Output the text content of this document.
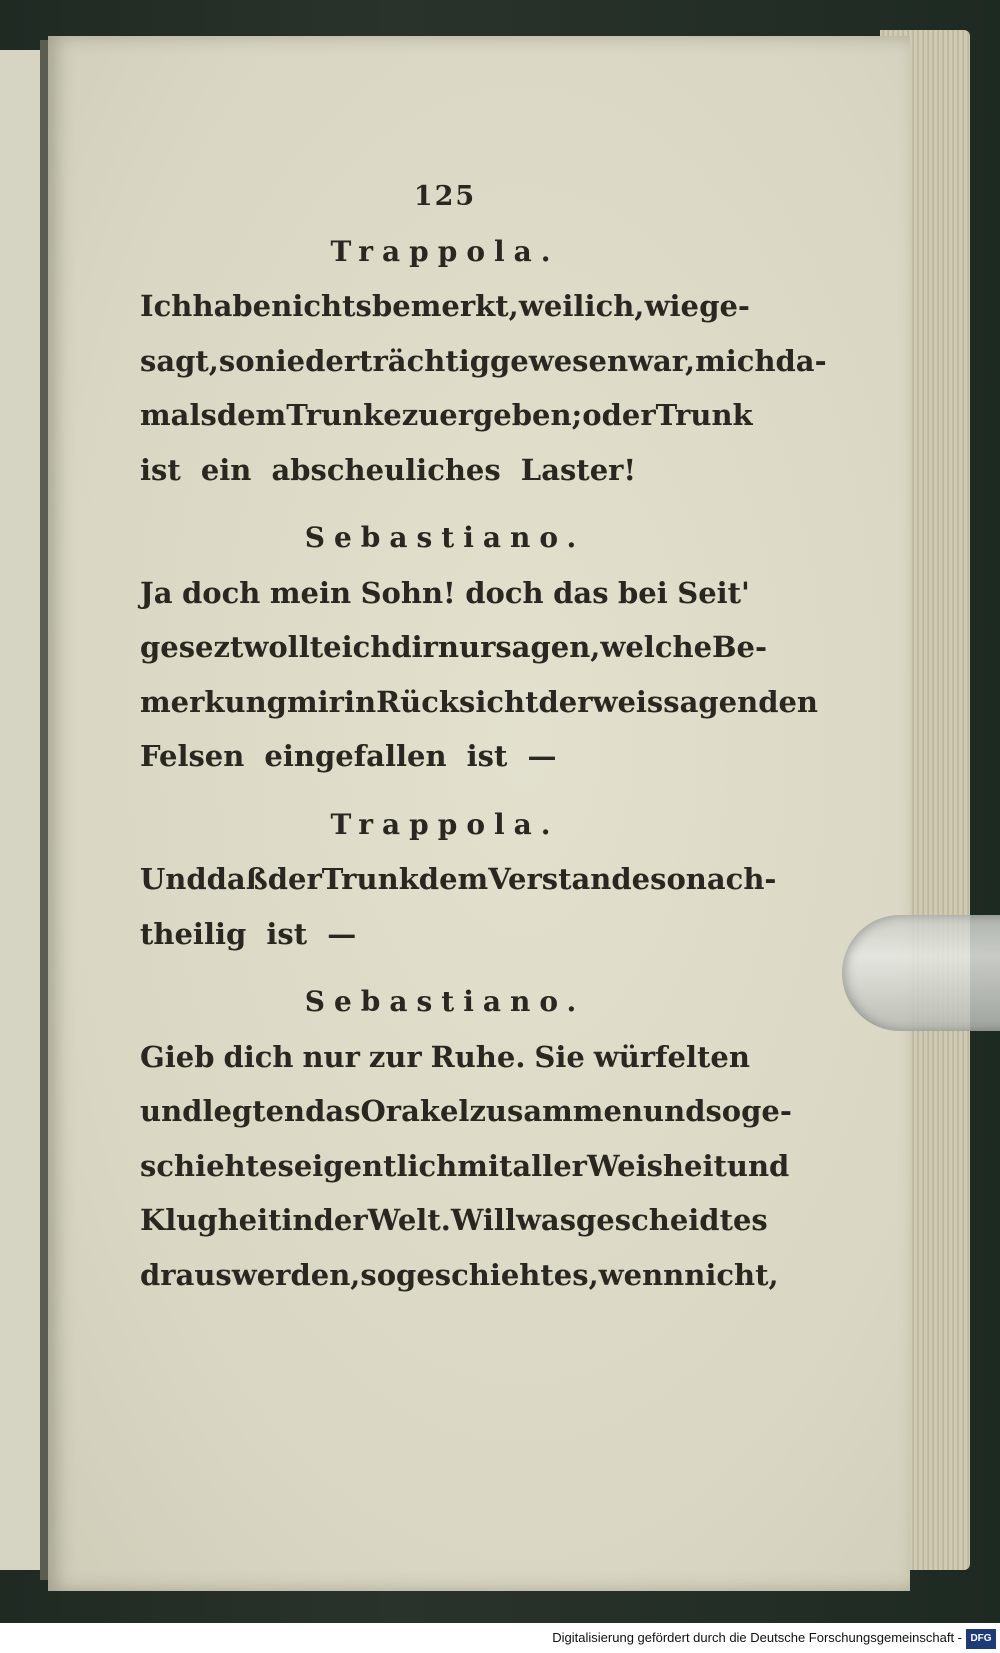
125

Trappola.

Ich habe nichts bemerkt, weil ich, wie ge-

sagt, so niederträchtig gewesen war, mich da-

mals dem Trunke zu ergeben; o der Trunk

ist ein abscheuliches Laster!

Sebastiano.

Ja doch mein Sohn! doch das bei Seit'

gesezt wollte ich dir nur sagen, welche Be-

merkung mir in Rücksicht der weissagenden

Felsen eingefallen ist —

Trappola.

Und daß der Trunk dem Verstande so nach-

theilig ist —

Sebastiano.

Gieb dich nur zur Ruhe. Sie würfelten

und legten das Orakel zusammen und so ge-

schieht es eigentlich mit aller Weisheit und

Klugheit in der Welt. Will was gescheidtes

draus werden, so geschieht es, wenn nicht,

Digitalisierung gefördert durch die Deutsche Forschungsgemeinschaft - DFG
